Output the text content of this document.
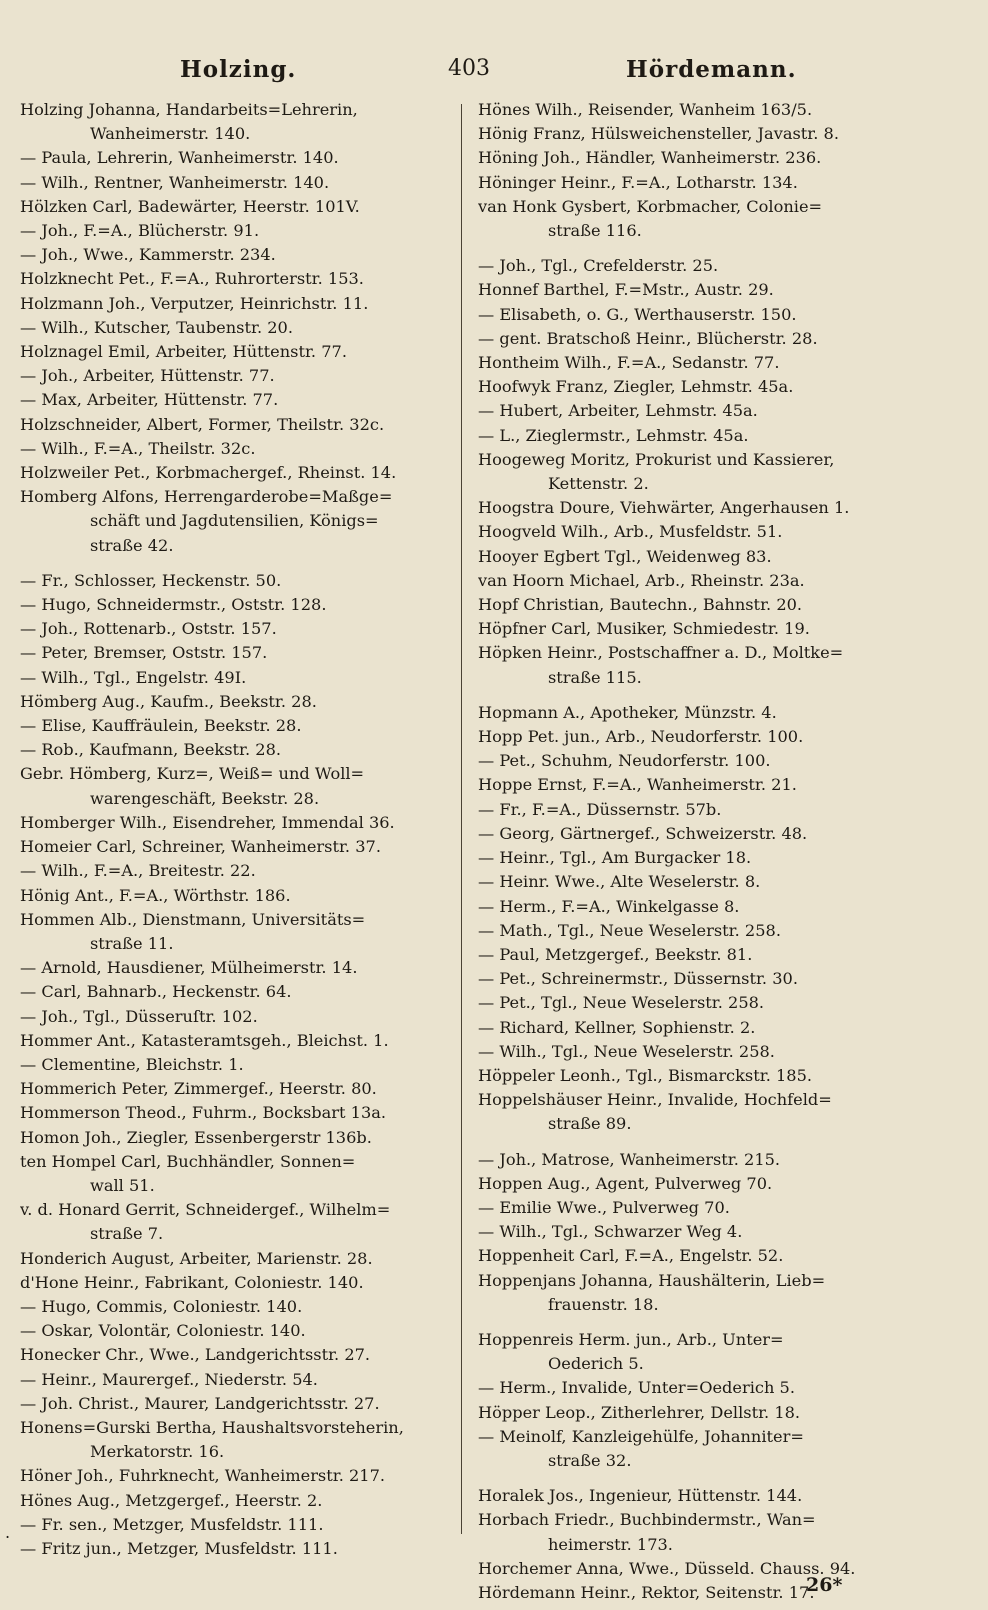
Holzing.	403	Hördemann.
Holzing Johanna, Handarbeits=Lehrerin,
Wanheimerstr. 140.
— Paula, Lehrerin, Wanheimerstr. 140.
— Wilh., Rentner, Wanheimerstr. 140.
Hölzken Carl, Badewärter, Heerstr. 101V.
— Joh., F.=A., Blücherstr. 91.
— Joh., Wwe., Kammerstr. 234.
Holzknecht Pet., F.=A., Ruhrorterstr. 153.
Holzmann Joh., Verputzer, Heinrichstr. 11.
— Wilh., Kutscher, Taubenstr. 20.
Holznagel Emil, Arbeiter, Hüttenstr. 77.
— Joh., Arbeiter, Hüttenstr. 77.
— Max, Arbeiter, Hüttenstr. 77.
Holzschneider, Albert, Former, Theilstr. 32c.
— Wilh., F.=A., Theilstr. 32c.
Holzweiler Pet., Korbmachergef., Rheinst. 14.
Homberg Alfons, Herrengarderobe=Maßge=
schäft und Jagdutensilien, Königs=
straße 42.
— Fr., Schlosser, Heckenstr. 50.
— Hugo, Schneidermstr., Oststr. 128.
— Joh., Rottenarb., Oststr. 157.
— Peter, Bremser, Oststr. 157.
— Wilh., Tgl., Engelstr. 49I.
Hömberg Aug., Kaufm., Beekstr. 28.
— Elise, Kauffräulein, Beekstr. 28.
— Rob., Kaufmann, Beekstr. 28.
Gebr. Hömberg, Kurz=, Weiß= und Woll=
warengeschäft, Beekstr. 28.
Homberger Wilh., Eisendreher, Immendal 36.
Homeier Carl, Schreiner, Wanheimerstr. 37.
— Wilh., F.=A., Breitestr. 22.
Hönig Ant., F.=A., Wörthstr. 186.
Hommen Alb., Dienstmann, Universitäts=
straße 11.
— Arnold, Hausdiener, Mülheimerstr. 14.
— Carl, Bahnarb., Heckenstr. 64.
— Joh., Tgl., Düsseruſtr. 102.
Hommer Ant., Katasteramtsgeh., Bleichst. 1.
— Clementine, Bleichstr. 1.
Hommerich Peter, Zimmergef., Heerstr. 80.
Hommerson Theod., Fuhrm., Bocksbart 13a.
Homon Joh., Ziegler, Essenbergerstr 136b.
ten Hompel Carl, Buchhändler, Sonnen=
wall 51.
v. d. Honard Gerrit, Schneidergef., Wilhelm=
straße 7.
Honderich August, Arbeiter, Marienstr. 28.
d'Hone Heinr., Fabrikant, Coloniestr. 140.
— Hugo, Commis, Coloniestr. 140.
— Oskar, Volontär, Coloniestr. 140.
Honecker Chr., Wwe., Landgerichtsstr. 27.
— Heinr., Maurergef., Niederstr. 54.
— Joh. Christ., Maurer, Landgerichtsstr. 27.
Honens=Gurski Bertha, Haushaltsvorsteherin,
Merkatorstr. 16.
Höner Joh., Fuhrknecht, Wanheimerstr. 217.
Hönes Aug., Metzgergef., Heerstr. 2.
— Fr. sen., Metzger, Musfeldstr. 111.
— Fritz jun., Metzger, Musfeldstr. 111.
Hönes Wilh., Reisender, Wanheim 163/5.
Hönig Franz, Hülsweichensteller, Javastr. 8.
Höning Joh., Händler, Wanheimerstr. 236.
Höninger Heinr., F.=A., Lotharstr. 134.
van Honk Gysbert, Korbmacher, Colonie=
straße 116.
— Joh., Tgl., Crefelderstr. 25.
Honnef Barthel, F.=Mstr., Austr. 29.
— Elisabeth, o. G., Werthauserstr. 150.
— gent. Bratschoß Heinr., Blücherstr. 28.
Hontheim Wilh., F.=A., Sedanstr. 77.
Hoofwyk Franz, Ziegler, Lehmstr. 45a.
— Hubert, Arbeiter, Lehmstr. 45a.
— L., Zieglermstr., Lehmstr. 45a.
Hoogeweg Moritz, Prokurist und Kassierer,
Kettenstr. 2.
Hoogstra Doure, Viehwärter, Angerhausen 1.
Hoogveld Wilh., Arb., Musfeldstr. 51.
Hooyer Egbert Tgl., Weidenweg 83.
van Hoorn Michael, Arb., Rheinstr. 23a.
Hopf Christian, Bautechn., Bahnstr. 20.
Höpfner Carl, Musiker, Schmiedestr. 19.
Höpken Heinr., Postschaffner a. D., Moltke=
straße 115.
Hopmann A., Apotheker, Münzstr. 4.
Hopp Pet. jun., Arb., Neudorferstr. 100.
— Pet., Schuhm, Neudorferstr. 100.
Hoppe Ernst, F.=A., Wanheimerstr. 21.
— Fr., F.=A., Düssernstr. 57b.
— Georg, Gärtnergef., Schweizerstr. 48.
— Heinr., Tgl., Am Burgacker 18.
— Heinr. Wwe., Alte Weselerstr. 8.
— Herm., F.=A., Winkelgasse 8.
— Math., Tgl., Neue Weselerstr. 258.
— Paul, Metzgergef., Beekstr. 81.
— Pet., Schreinermstr., Düssernstr. 30.
— Pet., Tgl., Neue Weselerstr. 258.
— Richard, Kellner, Sophienstr. 2.
— Wilh., Tgl., Neue Weselerstr. 258.
Höppeler Leonh., Tgl., Bismarckstr. 185.
Hoppelshäuser Heinr., Invalide, Hochfeld=
straße 89.
— Joh., Matrose, Wanheimerstr. 215.
Hoppen Aug., Agent, Pulverweg 70.
— Emilie Wwe., Pulverweg 70.
— Wilh., Tgl., Schwarzer Weg 4.
Hoppenheit Carl, F.=A., Engelstr. 52.
Hoppenjans Johanna, Haushälterin, Lieb=
frauenstr. 18.
Hoppenreis Herm. jun., Arb., Unter=
Oederich 5.
— Herm., Invalide, Unter=Oederich 5.
Höpper Leop., Zitherlehrer, Dellstr. 18.
— Meinolf, Kanzleigehülfe, Johanniter=
straße 32.
Horalek Jos., Ingenieur, Hüttenstr. 144.
Horbach Friedr., Buchbindermstr., Wan=
heimerstr. 173.
Horchemer Anna, Wwe., Düsseld. Chauss. 94.
Hördemann Heinr., Rektor, Seitenstr. 17.
.
26*
